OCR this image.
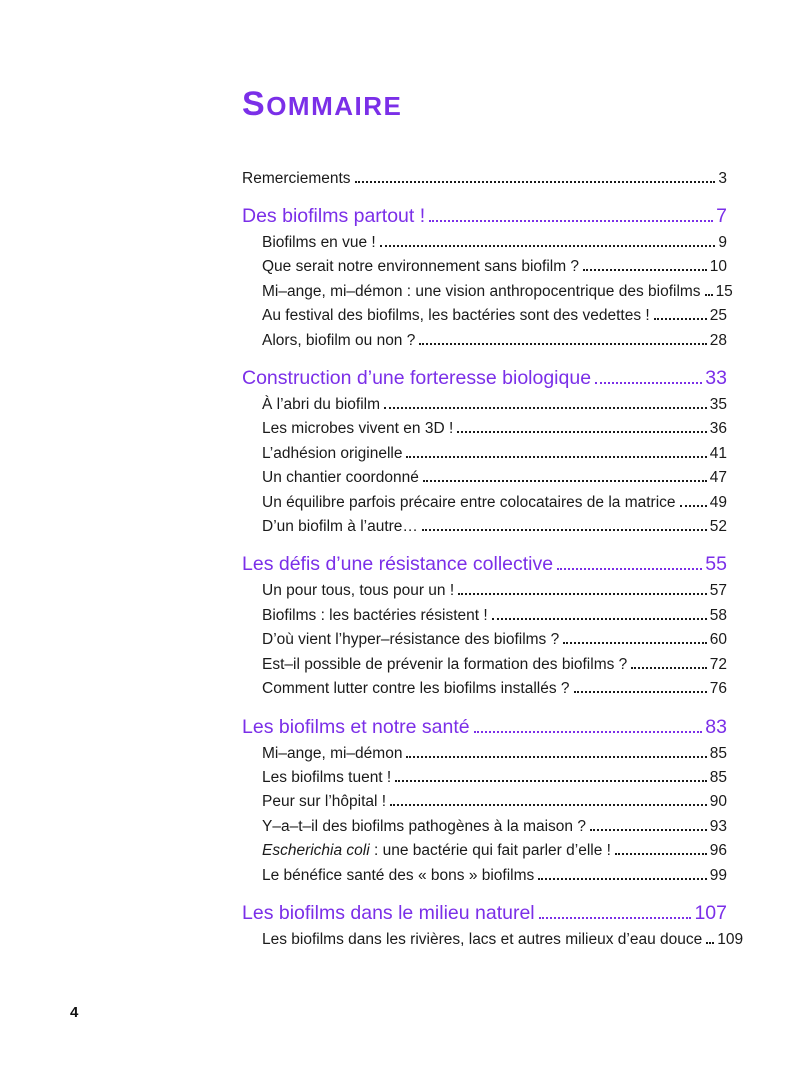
SOMMAIRE
Remerciements	3
Des biofilms partout !	7
Biofilms en vue !	9
Que serait notre environnement sans biofilm ?	10
Mi–ange, mi–démon : une vision anthropocentrique des biofilms 15
Au festival des biofilms, les bactéries sont des vedettes !	25
Alors, biofilm ou non ?	28
Construction d’une forteresse biologique	33
À l’abri du biofilm	35
Les microbes vivent en 3D !	36
L’adhésion originelle	41
Un chantier coordonné	47
Un équilibre parfois précaire entre colocataires de la matrice 49
D’un biofilm à l’autre…	52
Les défis d’une résistance collective	55
Un pour tous, tous pour un !	57
Biofilms : les bactéries résistent !	58
D’où vient l’hyper–résistance des biofilms ?	60
Est–il possible de prévenir la formation des biofilms ?	72
Comment lutter contre les biofilms installés ?	76
Les biofilms et notre santé	83
Mi–ange, mi–démon	85
Les biofilms tuent !	85
Peur sur l’hôpital !	90
Y–a–t–il des biofilms pathogènes à la maison ?	93
Escherichia coli : une bactérie qui fait parler d’elle !	96
Le bénéfice santé des « bons » biofilms	99
Les biofilms dans le milieu naturel	107
Les biofilms dans les rivières, lacs et autres milieux d’eau douce 109
4
